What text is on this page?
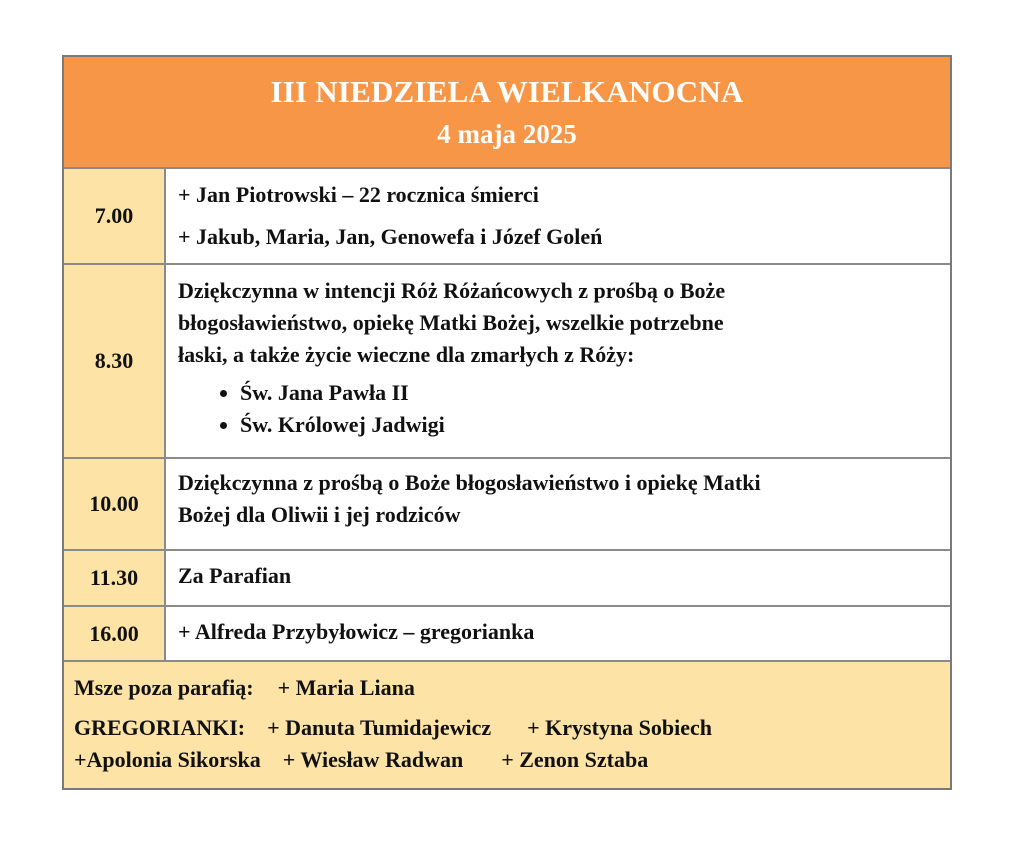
III NIEDZIELA WIELKANOCNA
4 maja 2025
7.00
+ Jan Piotrowski – 22 rocznica śmierci
+ Jakub, Maria, Jan, Genowefa i Józef Goleń
8.30
Dziękczynna w intencji Róż Różańcowych z prośbą o Boże
błogosławieństwo, opiekę Matki Bożej, wszelkie potrzebne
łaski, a także życie wieczne dla zmarłych z Róży:
• Św. Jana Pawła II
• Św. Królowej Jadwigi
10.00
Dziękczynna z prośbą o Boże błogosławieństwo i opiekę Matki
Bożej dla Oliwii i jej rodziców
11.30	Za Parafian
16.00	+ Alfreda Przybyłowicz – gregorianka
Msze poza parafią: + Maria Liana
GREGORIANKI: + Danuta Tumidajewicz + Krystyna Sobiech
+Apolonia Sikorska + Wiesław Radwan + Zenon Sztaba
